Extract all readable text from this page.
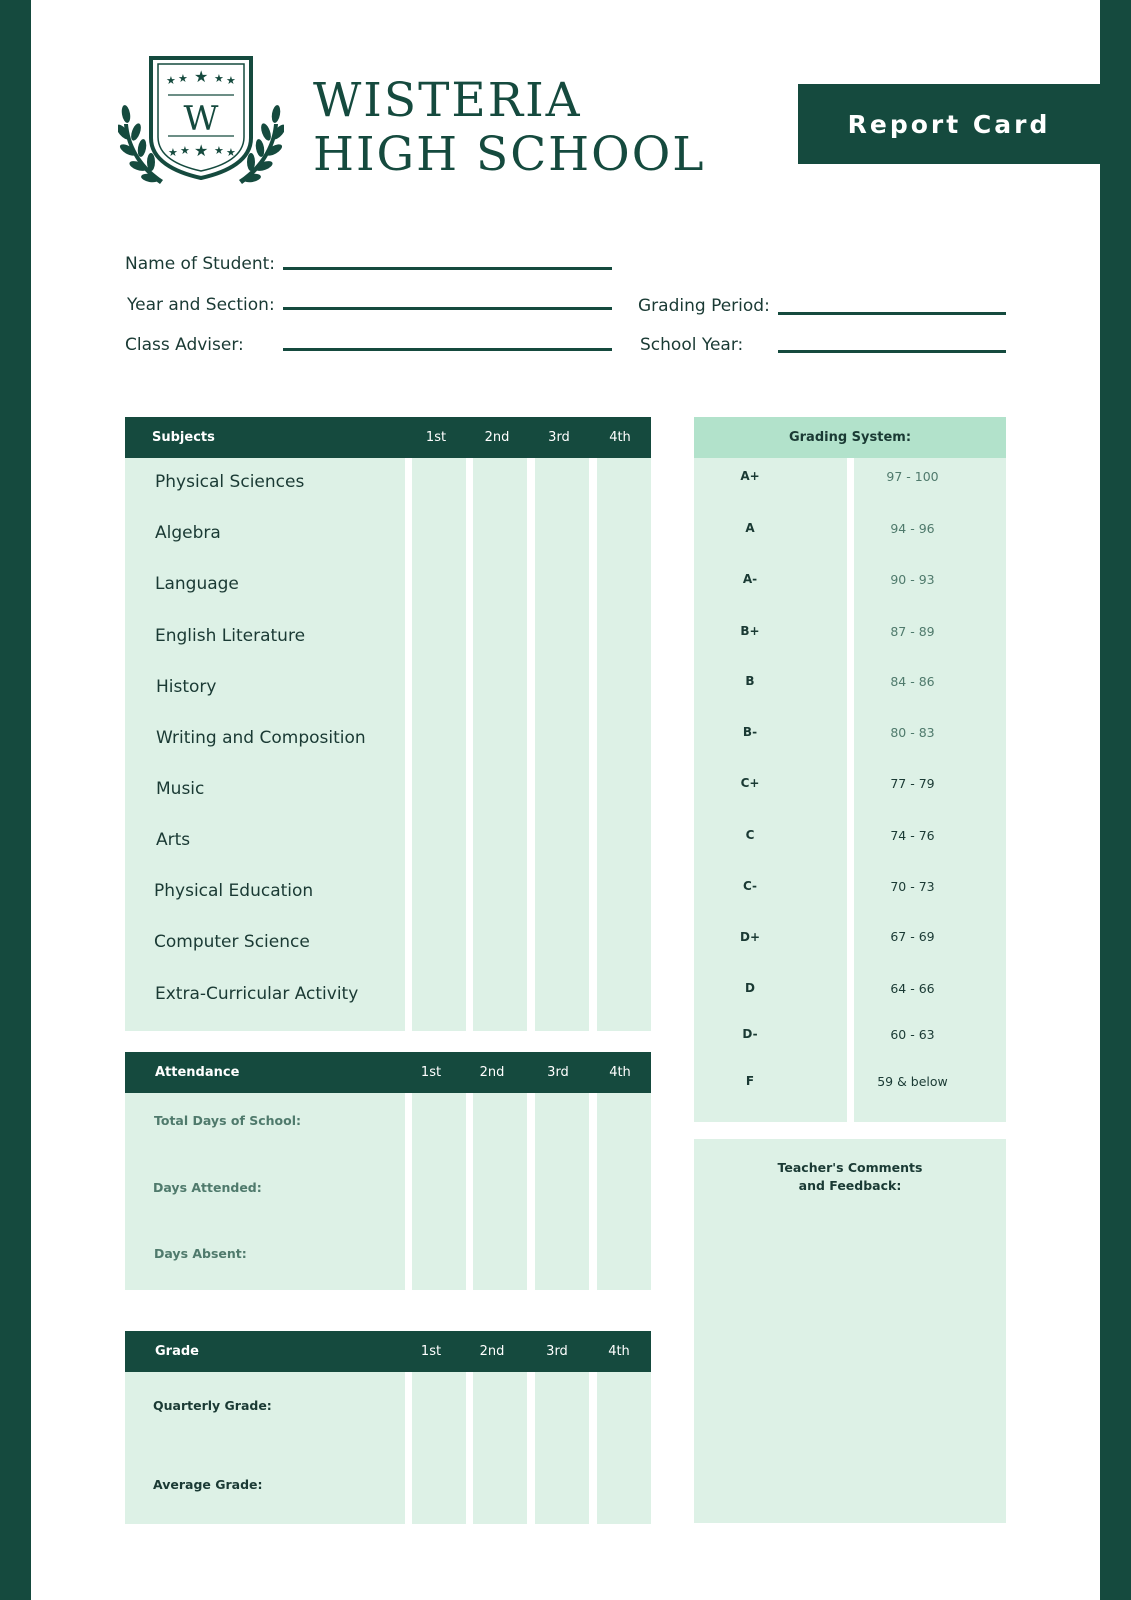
★ ★ ★ ★ ★
★ ★ ★ ★ ★
W WISTERIA
HIGH SCHOOL
Report Card
Name of Student:
Year and Section:
Class Adviser:
Grading Period:
School Year:
Subjects	1st	2nd	3rd	4th
Physical Sciences
Algebra
Language
English Literature
History
Writing and Composition
Music
Arts
Physical Education
Computer Science
Extra-Curricular Activity
Attendance	1st	2nd	3rd	4th
Total Days of School:
Days Attended:
Days Absent:
Grade	1st	2nd	3rd	4th
Quarterly Grade:
Average Grade:
Grading System:
A+	97 - 100
A	94 - 96
A-	90 - 93
B+	87 - 89
B	84 - 86
B-	80 - 83
C+	77 - 79
C	74 - 76
C-	70 - 73
D+	67 - 69
D	64 - 66
D-	60 - 63
F	59 & below
Teacher's Comments
and Feedback:
